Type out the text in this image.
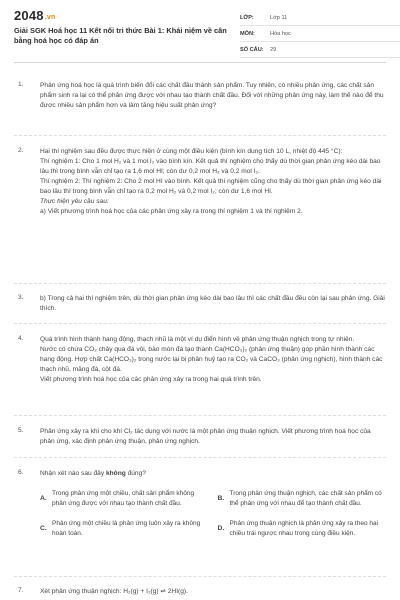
2048.vn
Giải SGK Hoá học 11 Kết nối tri thức Bài 1: Khái niệm về cân bằng hoá học có đáp án
LỚP:	Lớp 11
MÔN:	Hóa học
SỐ CÂU:	29
1.	Phản ứng hoá học là quá trình biến đổi các chất đầu thành sản phẩm. Tuy nhiên, có nhiều phản ứng, các chất sản phẩm sinh ra lại có thể phản ứng được với nhau tạo thành chất đầu. Đối với những phản ứng này, làm thế nào để thu được nhiều sản phẩm hơn và làm tăng hiệu suất phản ứng?

2.	Hai thí nghiệm sau đều được thực hiện ở cùng một điều kiện (bình kín dung tích 10 L, nhiệt độ 445 °C):

Thí nghiệm 1: Cho 1 mol H₂ và 1 mol I₂ vào bình kín. Kết quả thí nghiệm cho thấy dù thời gian phản ứng kéo dài bao lâu thì trong bình vẫn chỉ tạo ra 1,6 mol HI; còn dư 0,2 mol H₂ và 0,2 mol I₂.

Thí nghiệm 2: Thí nghiệm 2: Cho 2 mol HI vào bình. Kết quả thí nghiệm cũng cho thấy dù thời gian phản ứng kéo dài bao lâu thì trong bình vẫn chỉ tạo ra 0,2 mol H₂ và 0,2 mol I₂; còn dư 1,6 mol HI.

Thực hiện yêu cầu sau:

a) Viết phương trình hoá học của các phản ứng xảy ra trong thí nghiệm 1 và thí nghiệm 2.

3.	b) Trong cả hai thí nghiệm trên, dù thời gian phản ứng kéo dài bao lâu thì các chất đầu đều còn lại sau phản ứng. Giải thích.

4.	Quá trình hình thành hang động, thạch nhũ là một ví dụ điển hình về phản ứng thuận nghịch trong tự nhiên.

Nước có chứa CO₂ chảy qua đá vôi, bào mòn đá tạo thành Ca(HCO₃)₂ (phản ứng thuận) góp phần hình thành các hang động. Hợp chất Ca(HCO₃)₂ trong nước lại bị phân huỷ tạo ra CO₂ và CaCO₃ (phản ứng nghịch), hình thành các thạch nhũ, măng đá, cột đá.

Viết phương trình hoá học của các phản ứng xảy ra trong hai quá trình trên.

5.	Phản ứng xảy ra khi cho khí Cl₂ tác dụng với nước là một phản ứng thuận nghịch. Viết phương trình hoá học của phản ứng, xác định phản ứng thuận, phản ứng nghịch.

6.	Nhận xét nào sau đây không đúng?

A.
Trong phản ứng một chiều, chất sản phẩm không phản ứng được với nhau tạo thành chất đầu.
B.
Trong phản ứng thuận nghịch, các chất sản phẩm có thể phản ứng với nhau để tạo thành chất đầu.
C.
Phản ứng một chiều là phản ứng luôn xảy ra không hoàn toàn.
D.
Phản ứng thuận nghịch là phản ứng xảy ra theo hai chiều trái ngược nhau trong cùng điều kiện.
7.	Xét phản ứng thuận nghịch: H₂(g) + I₂(g) ⇌ 2HI(g).
